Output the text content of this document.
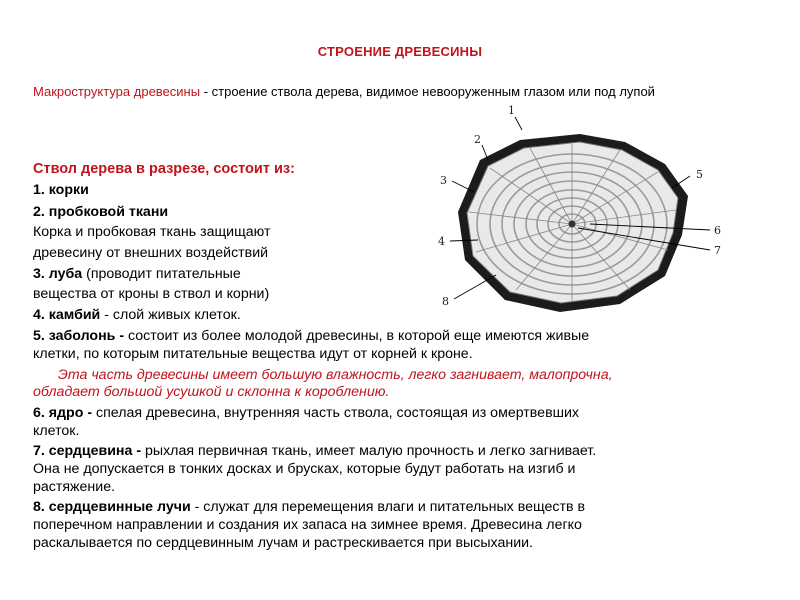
СТРОЕНИЕ ДРЕВЕСИНЫ
Макроструктура древесины - строение ствола дерева, видимое невооруженным глазом или под лупой
1
2
3
4
5
6
7
8
Ствол дерева в разрезе, состоит из:
1. корки
2. пробковой ткани
Корка и пробковая ткань защищают
древесину от внешних воздействий
3. луба (проводит питательные
вещества от кроны в ствол и корни)
4. камбий - слой живых клеток.
5. заболонь - состоит из более молодой древесины, в которой еще имеются живые
клетки, по которым питательные вещества идут от корней к кроне.
Эта часть древесины имеет большую влажность, легко загнивает, малопрочна,
обладает большой усушкой и склонна к короблению.
6. ядро - спелая древесина, внутренняя часть ствола, состоящая из омертвевших
клеток.
7. сердцевина - рыхлая первичная ткань, имеет малую прочность и легко загнивает.
Она не допускается в тонких досках и брусках, которые будут работать на изгиб и
растяжение.
8. сердцевинные лучи - служат для перемещения влаги и питательных веществ в
поперечном направлении и создания их запаса на зимнее время. Древесина легко
раскалывается по сердцевинным лучам и растрескивается при высыхании.
